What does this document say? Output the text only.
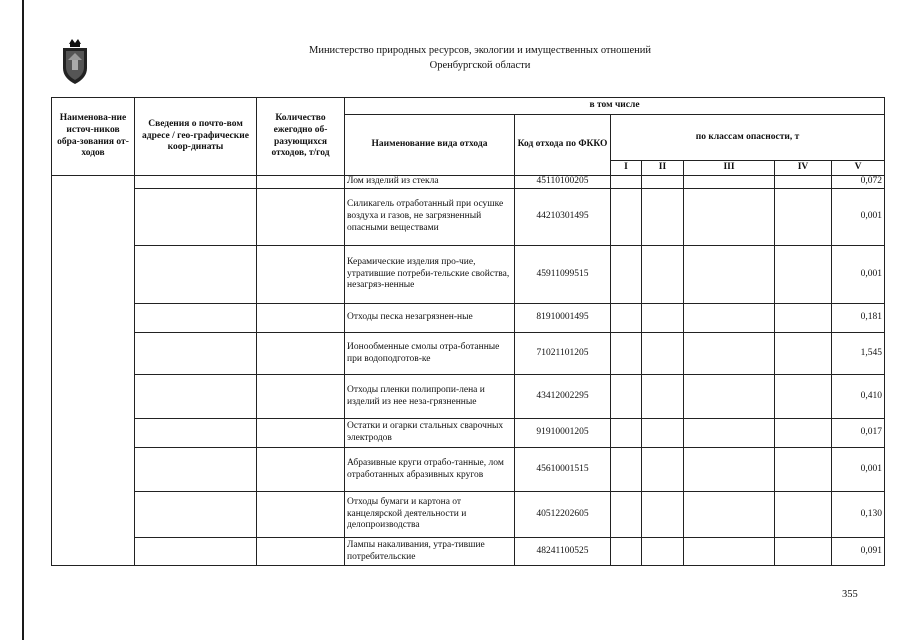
Министерство природных ресурсов, экологии и имущественных отношений
Оренбургской области
Наименова-ние источ-ников обра-зования от-ходов	Сведения о почто-вом адресе / гео-графические коор-динаты	Количество ежегодно об-разующихся отходов, т/год	в том числе						
			Наименование вида отхода	Код отхода по ФККО	по классам опасности, т				
					I	II	III	IV	V
			Лом изделий из стекла	45110100205					0,072
			Силикагель отработанный при осушке воздуха и газов, не загрязненный опасными веществами	44210301495					0,001
			Керамические изделия про-чие, утратившие потреби-тельские свойства, незагряз-ненные	45911099515					0,001
			Отходы песка незагрязнен-ные	81910001495					0,181
			Ионообменные смолы отра-ботанные при водоподготов-ке	71021101205					1,545
			Отходы пленки полипропи-лена и изделий из нее неза-грязненные	43412002295					0,410
			Остатки и огарки стальных сварочных электродов	91910001205					0,017
			Абразивные круги отрабо-танные, лом отработанных абразивных кругов	45610001515					0,001
			Отходы бумаги и картона от канцелярской деятельности и делопроизводства	40512202605					0,130
			Лампы накаливания, утра-тившие потребительские	48241100525					0,091
355
